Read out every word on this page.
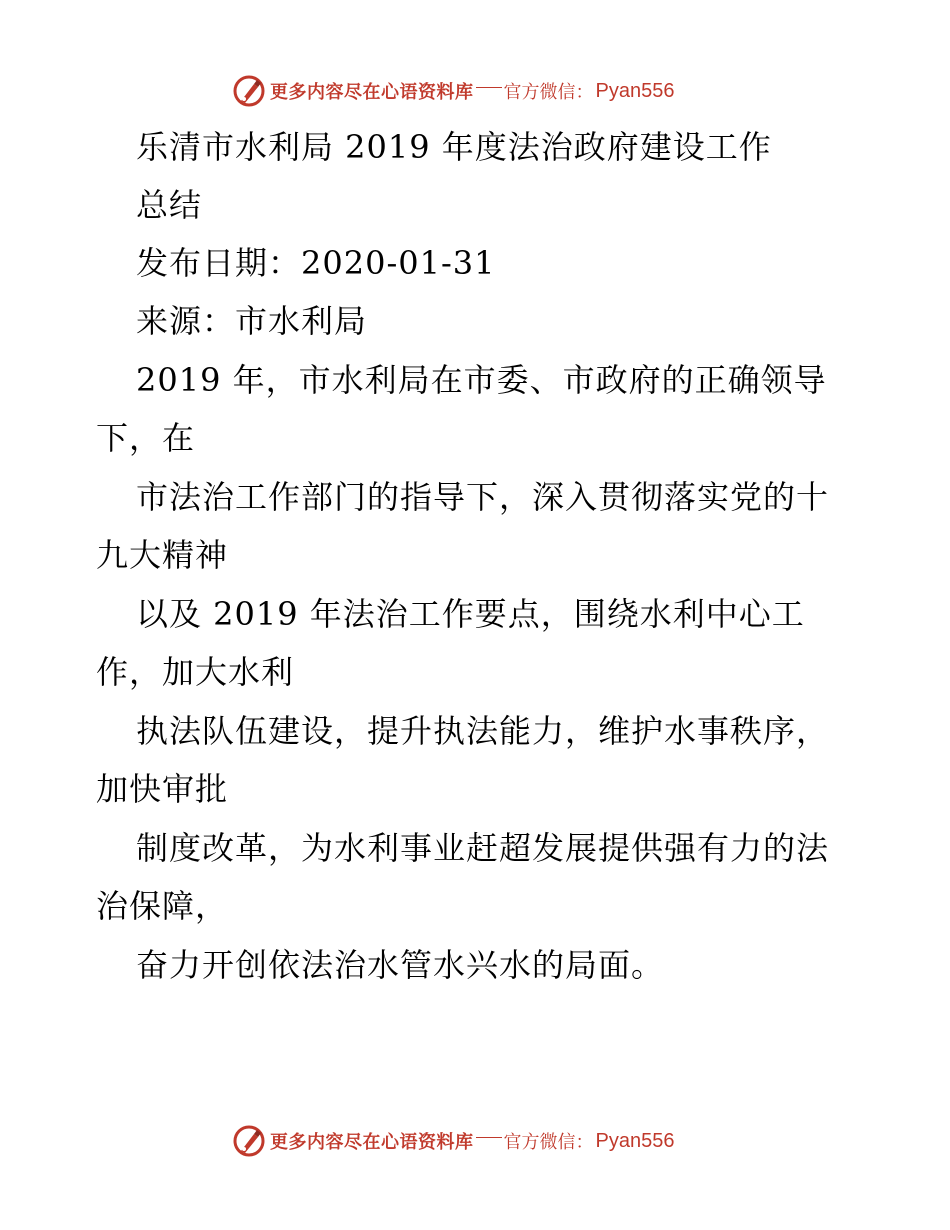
更多内容尽在心语资料库 官方微信： Pyan556
乐清市水利局 2019 年度法治政府建设工作
总结
发布日期：2020-01-31
来源：市水利局
2019 年，市水利局在市委、市政府的正确领导
下，在
市法治工作部门的指导下，深入贯彻落实党的十
九大精神
以及 2019 年法治工作要点，围绕水利中心工
作，加大水利
执法队伍建设，提升执法能力，维护水事秩序，
加快审批
制度改革，为水利事业赶超发展提供强有力的法
治保障，
奋力开创依法治水管水兴水的局面。
更多内容尽在心语资料库 官方微信： Pyan556
